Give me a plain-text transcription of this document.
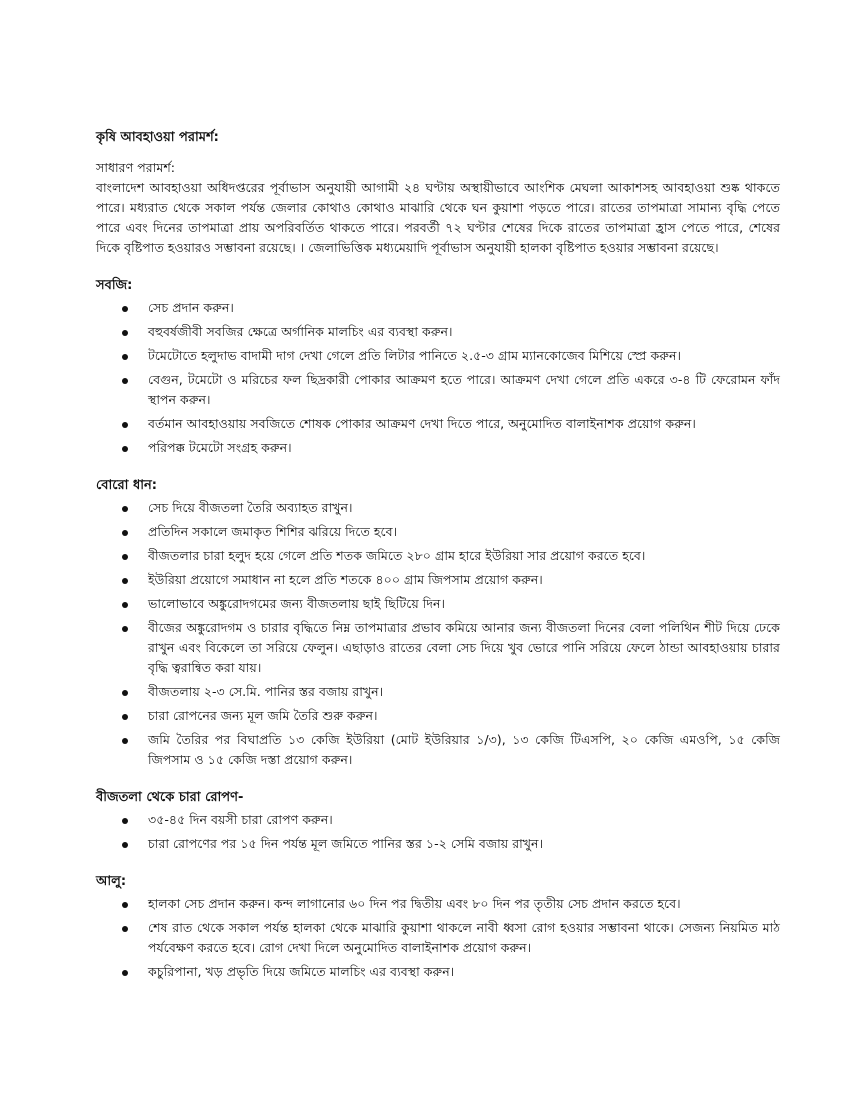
কৃষি আবহাওয়া পরামর্শ:
সাধারণ পরামর্শ:

বাংলাদেশ আবহাওয়া অধিদপ্তরের পূর্বাভাস অনুযায়ী আগামী ২৪ ঘণ্টায় অস্থায়ীভাবে আংশিক মেঘলা আকাশসহ আবহাওয়া শুষ্ক থাকতে পারে। মধ্যরাত থেকে সকাল পর্যন্ত জেলার কোথাও কোথাও মাঝারি থেকে ঘন কুয়াশা পড়তে পারে। রাতের তাপমাত্রা সামান্য বৃদ্ধি পেতে পারে এবং দিনের তাপমাত্রা প্রায় অপরিবর্তিত থাকতে পারে। পরবর্তী ৭২ ঘণ্টার শেষের দিকে রাতের তাপমাত্রা হ্রাস পেতে পারে, শেষের দিকে বৃষ্টিপাত হওয়ারও সম্ভাবনা রয়েছে। । জেলাভিত্তিক মধ্যমেয়াদি পূর্বাভাস অনুযায়ী হালকা বৃষ্টিপাত হওয়ার সম্ভাবনা রয়েছে।

সবজি:
সেচ প্রদান করুন।
বহুবর্ষজীবী সবজির ক্ষেত্রে অর্গানিক মালচিং এর ব্যবস্থা করুন।
টমেটোতে হলুদাভ বাদামী দাগ দেখা গেলে প্রতি লিটার পানিতে ২.৫-৩ গ্রাম ম্যানকোজেব মিশিয়ে স্প্রে করুন।
বেগুন, টমেটো ও মরিচের ফল ছিদ্রকারী পোকার আক্রমণ হতে পারে। আক্রমণ দেখা গেলে প্রতি একরে ৩-৪ টি ফেরোমন ফাঁদ স্থাপন করুন।
বর্তমান আবহাওয়ায় সবজিতে শোষক পোকার আক্রমণ দেখা দিতে পারে, অনুমোদিত বালাইনাশক প্রয়োগ করুন।
পরিপক্ক টমেটো সংগ্রহ করুন।
বোরো ধান:
সেচ দিয়ে বীজতলা তৈরি অব্যাহত রাখুন।
প্রতিদিন সকালে জমাকৃত শিশির ঝরিয়ে দিতে হবে।
বীজতলার চারা হলুদ হয়ে গেলে প্রতি শতক জমিতে ২৮০ গ্রাম হারে ইউরিয়া সার প্রয়োগ করতে হবে।
ইউরিয়া প্রয়োগে সমাধান না হলে প্রতি শতকে ৪০০ গ্রাম জিপসাম প্রয়োগ করুন।
ভালোভাবে অঙ্কুরোদগমের জন্য বীজতলায় ছাই ছিটিয়ে দিন।
বীজের অঙ্কুরোদগম ও চারার বৃদ্ধিতে নিম্ন তাপমাত্রার প্রভাব কমিয়ে আনার জন্য বীজতলা দিনের বেলা পলিথিন শীট দিয়ে ঢেকে রাখুন এবং বিকেলে তা সরিয়ে ফেলুন। এছাড়াও রাতের বেলা সেচ দিয়ে খুব ভোরে পানি সরিয়ে ফেলে ঠান্ডা আবহাওয়ায় চারার বৃদ্ধি ত্বরান্বিত করা যায়।
বীজতলায় ২-৩ সে.মি. পানির স্তর বজায় রাখুন।
চারা রোপনের জন্য মূল জমি তৈরি শুরু করুন।
জমি তৈরির পর বিঘাপ্রতি ১৩ কেজি ইউরিয়া (মোট ইউরিয়ার ১/৩), ১৩ কেজি টিএসপি, ২০ কেজি এমওপি, ১৫ কেজি জিপসাম ও ১৫ কেজি দস্তা প্রয়োগ করুন।
বীজতলা থেকে চারা রোপণ-
৩৫-৪৫ দিন বয়সী চারা রোপণ করুন।
চারা রোপণের পর ১৫ দিন পর্যন্ত মূল জমিতে পানির স্তর ১-২ সেমি বজায় রাখুন।
আলু:
হালকা সেচ প্রদান করুন। কন্দ লাগানোর ৬০ দিন পর দ্বিতীয় এবং ৮০ দিন পর তৃতীয় সেচ প্রদান করতে হবে।
শেষ রাত থেকে সকাল পর্যন্ত হালকা থেকে মাঝারি কুয়াশা থাকলে নাবী ধ্বসা রোগ হওয়ার সম্ভাবনা থাকে। সেজন্য নিয়মিত মাঠ পর্যবেক্ষণ করতে হবে। রোগ দেখা দিলে অনুমোদিত বালাইনাশক প্রয়োগ করুন।
কচুরিপানা, খড় প্রভৃতি দিয়ে জমিতে মালচিং এর ব্যবস্থা করুন।
